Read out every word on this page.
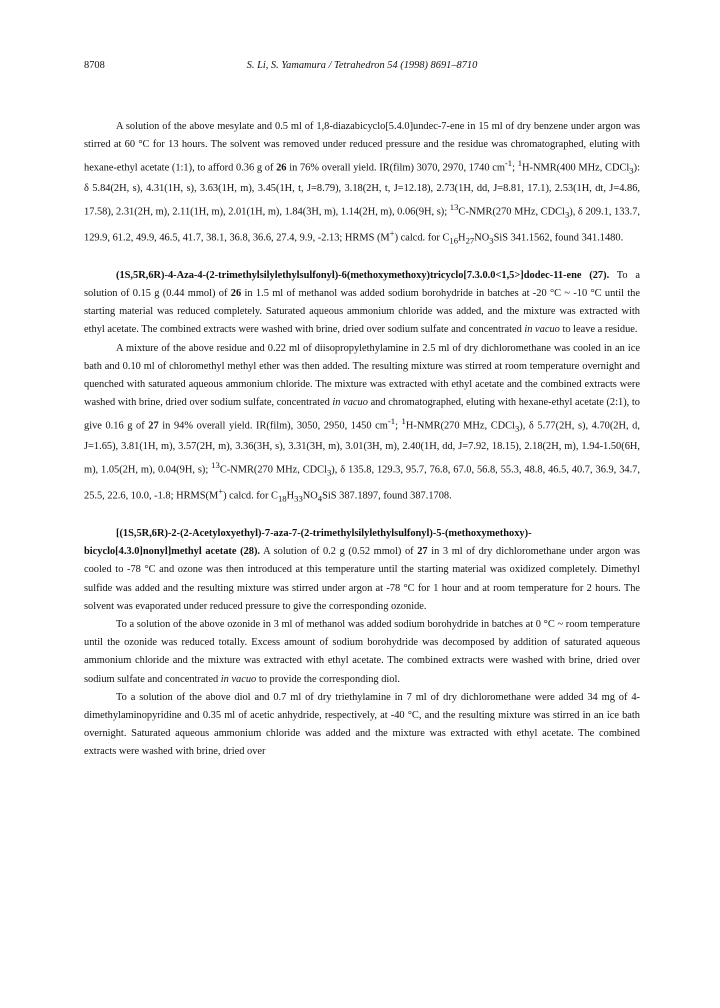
8708	S. Li, S. Yamamura / Tetrahedron 54 (1998) 8691–8710

A solution of the above mesylate and 0.5 ml of 1,8-diazabicyclo[5.4.0]undec-7-ene in 15 ml of dry benzene under argon was stirred at 60 °C for 13 hours. The solvent was removed under reduced pressure and the residue was chromatographed, eluting with hexane-ethyl acetate (1:1), to afford 0.36 g of 26 in 76% overall yield. IR(film) 3070, 2970, 1740 $cm^{-1}$; $^1$H-NMR(400 MHz, CDCl$_3$): δ 5.84(2H, s), 4.31(1H, s), 3.63(1H, m), 3.45(1H, t, J=8.79), 3.18(2H, t, J=12.18), 2.73(1H, dd, J=8.81, 17.1), 2.53(1H, dt, J=4.86, 17.58), 2.31(2H, m), 2.11(1H, m), 2.01(1H, m), 1.84(3H, m), 1.14(2H, m), 0.06(9H, s); $^{13}$C-NMR(270 MHz, CDCl$_3$), δ 209.1, 133.7, 129.9, 61.2, 49.9, 46.5, 41.7, 38.1, 36.8, 36.6, 27.4, 9.9, -2.13; HRMS (M+) calcd. for $C_{16}H_{27}NO_3SiS$ 341.1562, found 341.1480.

(1S,5R,6R)-4-Aza-4-(2-trimethylsilylethylsulfonyl)-6(methoxymethoxy)tricyclo[7.3.0.0<1,5>]dodec-11-ene (27). To a solution of 0.15 g (0.44 mmol) of 26 in 1.5 ml of methanol was added sodium borohydride in batches at -20 °C ~ -10 °C until the starting material was reduced completely. Saturated aqueous ammonium chloride was added, and the mixture was extracted with ethyl acetate. The combined extracts were washed with brine, dried over sodium sulfate and concentrated in vacuo to leave a residue.

A mixture of the above residue and 0.22 ml of diisopropylethylamine in 2.5 ml of dry dichloromethane was cooled in an ice bath and 0.10 ml of chloromethyl methyl ether was then added. The resulting mixture was stirred at room temperature overnight and quenched with saturated aqueous ammonium chloride. The mixture was extracted with ethyl acetate and the combined extracts were washed with brine, dried over sodium sulfate, concentrated in vacuo and chromatographed, eluting with hexane-ethyl acetate (2:1), to give 0.16 g of 27 in 94% overall yield. IR(film), 3050, 2950, 1450 $cm^{-1}$; $^1$H-NMR(270 MHz, CDCl$_3$), δ 5.77(2H, s), 4.70(2H, d, J=1.65), 3.81(1H, m), 3.57(2H, m), 3.36(3H, s), 3.31(3H, m), 3.01(3H, m), 2.40(1H, dd, J=7.92, 18.15), 2.18(2H, m), 1.94-1.50(6H, m), 1.05(2H, m), 0.04(9H, s); $^{13}$C-NMR(270 MHz, CDCl$_3$), δ 135.8, 129.3, 95.7, 76.8, 67.0, 56.8, 55.3, 48.8, 46.5, 40.7, 36.9, 34.7, 25.5, 22.6, 10.0, -1.8; HRMS(M+) calcd. for $C_{18}H_{33}NO_4SiS$ 387.1897, found 387.1708.

[(1S,5R,6R)-2-(2-Acetyloxyethyl)-7-aza-7-(2-trimethylsilylethylsulfonyl)-5-(methoxymethoxy)-bicyclo[4.3.0]nonyl]methyl acetate (28). A solution of 0.2 g (0.52 mmol) of 27 in 3 ml of dry dichloromethane under argon was cooled to -78 °C and ozone was then introduced at this temperature until the starting material was oxidized completely. Dimethyl sulfide was added and the resulting mixture was stirred under argon at -78 °C for 1 hour and at room temperature for 2 hours. The solvent was evaporated under reduced pressure to give the corresponding ozonide.

To a solution of the above ozonide in 3 ml of methanol was added sodium borohydride in batches at 0 °C ~ room temperature until the ozonide was reduced totally. Excess amount of sodium borohydride was decomposed by addition of saturated aqueous ammonium chloride and the mixture was extracted with ethyl acetate. The combined extracts were washed with brine, dried over sodium sulfate and concentrated in vacuo to provide the corresponding diol.

To a solution of the above diol and 0.7 ml of dry triethylamine in 7 ml of dry dichloromethane were added 34 mg of 4-dimethylaminopyridine and 0.35 ml of acetic anhydride, respectively, at -40 °C, and the resulting mixture was stirred in an ice bath overnight. Saturated aqueous ammonium chloride was added and the mixture was extracted with ethyl acetate. The combined extracts were washed with brine, dried over
